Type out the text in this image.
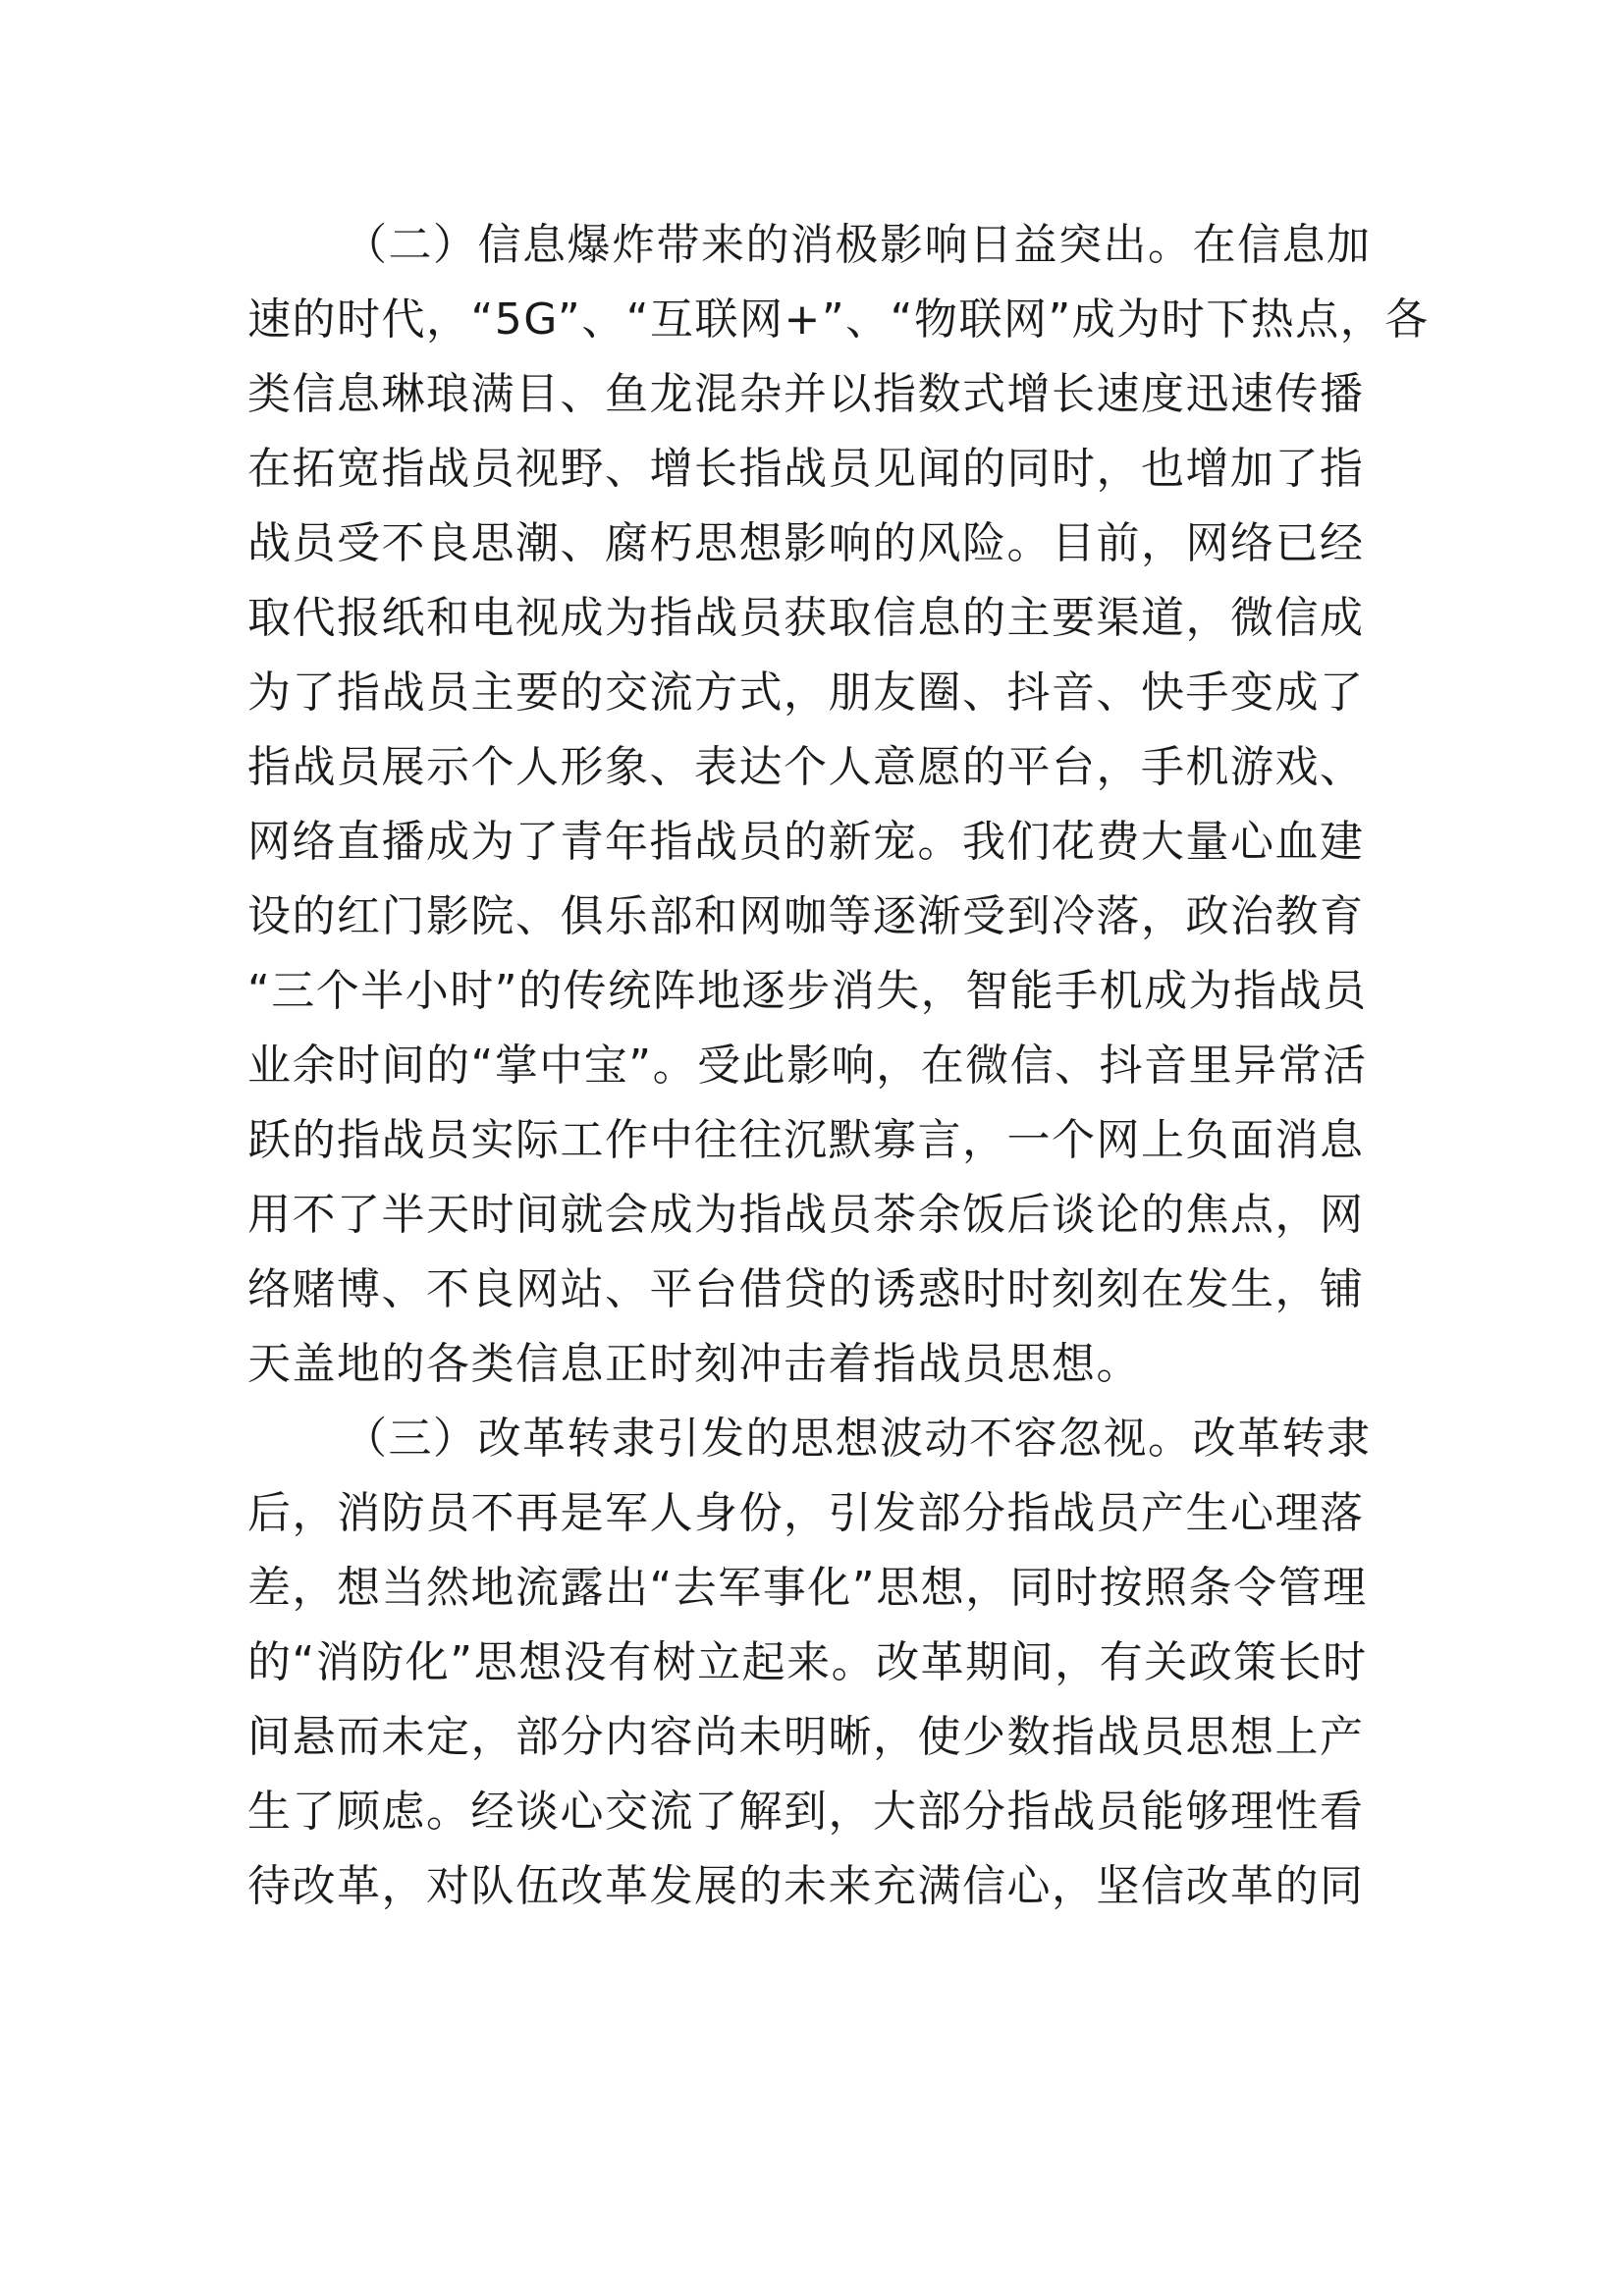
（二）信息爆炸带来的消极影响日益突出。在信息加
速的时代，“5G”、“互联网+”、“物联网”成为时下热点，各
类信息琳琅满目、鱼龙混杂并以指数式增长速度迅速传播
在拓宽指战员视野、增长指战员见闻的同时，也增加了指
战员受不良思潮、腐朽思想影响的风险。目前，网络已经
取代报纸和电视成为指战员获取信息的主要渠道，微信成
为了指战员主要的交流方式，朋友圈、抖音、快手变成了
指战员展示个人形象、表达个人意愿的平台，手机游戏、
网络直播成为了青年指战员的新宠。我们花费大量心血建
设的红门影院、俱乐部和网咖等逐渐受到冷落，政治教育
“三个半小时”的传统阵地逐步消失，智能手机成为指战员
业余时间的“掌中宝”。受此影响，在微信、抖音里异常活
跃的指战员实际工作中往往沉默寡言，一个网上负面消息
用不了半天时间就会成为指战员茶余饭后谈论的焦点，网
络赌博、不良网站、平台借贷的诱惑时时刻刻在发生，铺
天盖地的各类信息正时刻冲击着指战员思想。
（三）改革转隶引发的思想波动不容忽视。改革转隶
后，消防员不再是军人身份，引发部分指战员产生心理落
差，想当然地流露出“去军事化”思想，同时按照条令管理
的“消防化”思想没有树立起来。改革期间，有关政策长时
间悬而未定，部分内容尚未明晰，使少数指战员思想上产
生了顾虑。经谈心交流了解到，大部分指战员能够理性看
待改革，对队伍改革发展的未来充满信心，坚信改革的同
